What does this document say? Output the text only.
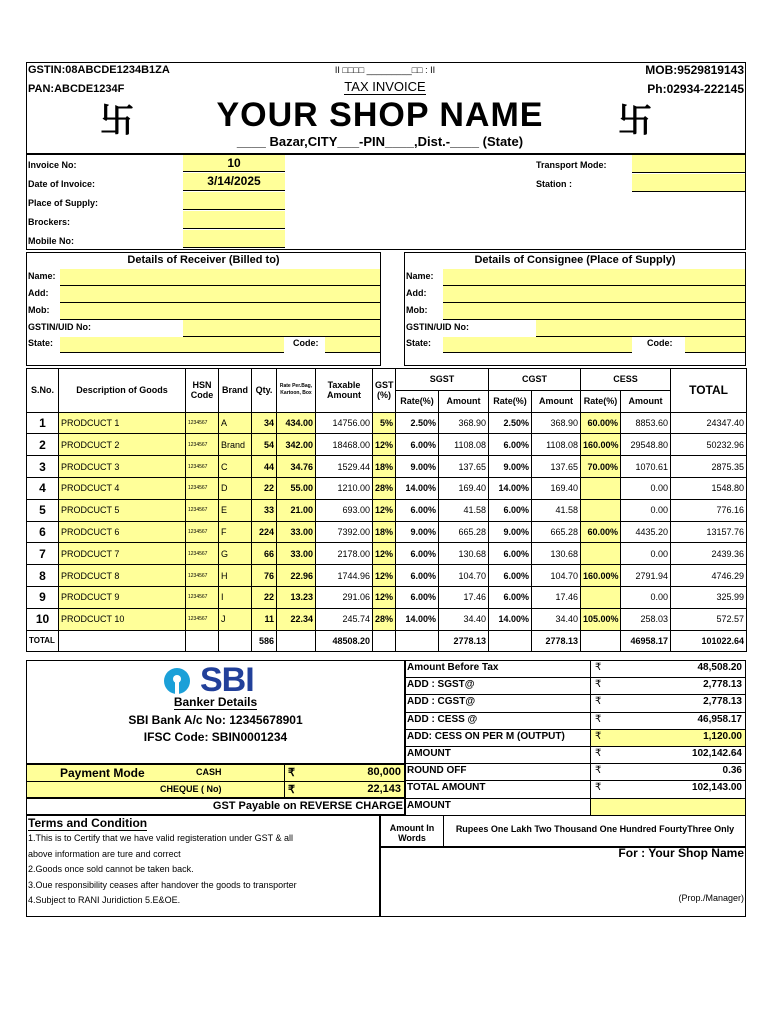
GSTIN:08ABCDE1234B1ZA
PAN:ABCDE1234F
II □□□□ _________□□ : II
TAX INVOICE
MOB:9529819143
Ph:02934-222145
卐	卐
YOUR SHOP NAME
____ Bazar,CITY___-PIN____,Dist.-____ (State)
Invoice No:	10
Date of Invoice:	3/14/2025
Place of Supply:
Brockers:
Mobile No:
Transport Mode:
Station :
Details of Receiver (Billed to)
Name:
Add:
Mob:
GSTIN/UID No:
State:	Code:
Details of Consignee (Place of Supply)
Name:
Add:
Mob:
GSTIN/UID No:
State:	Code:
S.No.	Description of Goods	HSN Code	Brand	Qty.	Rate Per.Bag, Kartoon, Box	Taxable Amount	GST (%)	SGST		CGST		CESS		TOTAL
								Rate(%)	Amount	Rate(%)	Amount	Rate(%)	Amount	
1	PRODCUCT 1	1234567	A	34	434.00	14756.00	5%	2.50%	368.90	2.50%	368.90	60.00%	8853.60	24347.40
2	PRODCUCT 2	1234567	Brand	54	342.00	18468.00	12%	6.00%	1108.08	6.00%	1108.08	160.00%	29548.80	50232.96
3	PRODCUCT 3	1234567	C	44	34.76	1529.44	18%	9.00%	137.65	9.00%	137.65	70.00%	1070.61	2875.35
4	PRODCUCT 4	1234567	D	22	55.00	1210.00	28%	14.00%	169.40	14.00%	169.40		0.00	1548.80
5	PRODCUCT 5	1234567	E	33	21.00	693.00	12%	6.00%	41.58	6.00%	41.58		0.00	776.16
6	PRODCUCT 6	1234567	F	224	33.00	7392.00	18%	9.00%	665.28	9.00%	665.28	60.00%	4435.20	13157.76
7	PRODCUCT 7	1234567	G	66	33.00	2178.00	12%	6.00%	130.68	6.00%	130.68		0.00	2439.36
8	PRODCUCT 8	1234567	H	76	22.96	1744.96	12%	6.00%	104.70	6.00%	104.70	160.00%	2791.94	4746.29
9	PRODCUCT 9	1234567	I	22	13.23	291.06	12%	6.00%	17.46	6.00%	17.46		0.00	325.99
10	PRODCUCT 10	1234567	J	11	22.34	245.74	28%	14.00%	34.40	14.00%	34.40	105.00%	258.03	572.57
TOTAL				586		48508.20			2778.13		2778.13		46958.17	101022.64
SBI
Banker Details
SBI Bank A/c No: 12345678901
IFSC Code: SBIN0001234
Amount Before Tax	₹	48,508.20
ADD : SGST@	₹	2,778.13
ADD : CGST@	₹	2,778.13
ADD : CESS @	₹	46,958.17
ADD: CESS ON PER M (OUTPUT)	₹	1,120.00
AMOUNT	₹	102,142.64
ROUND OFF	₹	0.36
TOTAL AMOUNT	₹	102,143.00
AMOUNT
Payment Mode	CASH	₹	80,000
CHEQUE ( No)	₹	22,143
GST Payable on REVERSE CHARGE
Terms and Condition
1.This is to Certify that we have valid registeration under GST & all
above information are ture and correct
2.Goods once sold cannot be taken back.
3.Oue responsibility ceases after handover the goods to transporter
4.Subject to RANI Juridiction 5.E&OE.
Amount In Words
Rupees One Lakh Two Thousand One Hundred FourtyThree Only
For : Your Shop Name
(Prop./Manager)
